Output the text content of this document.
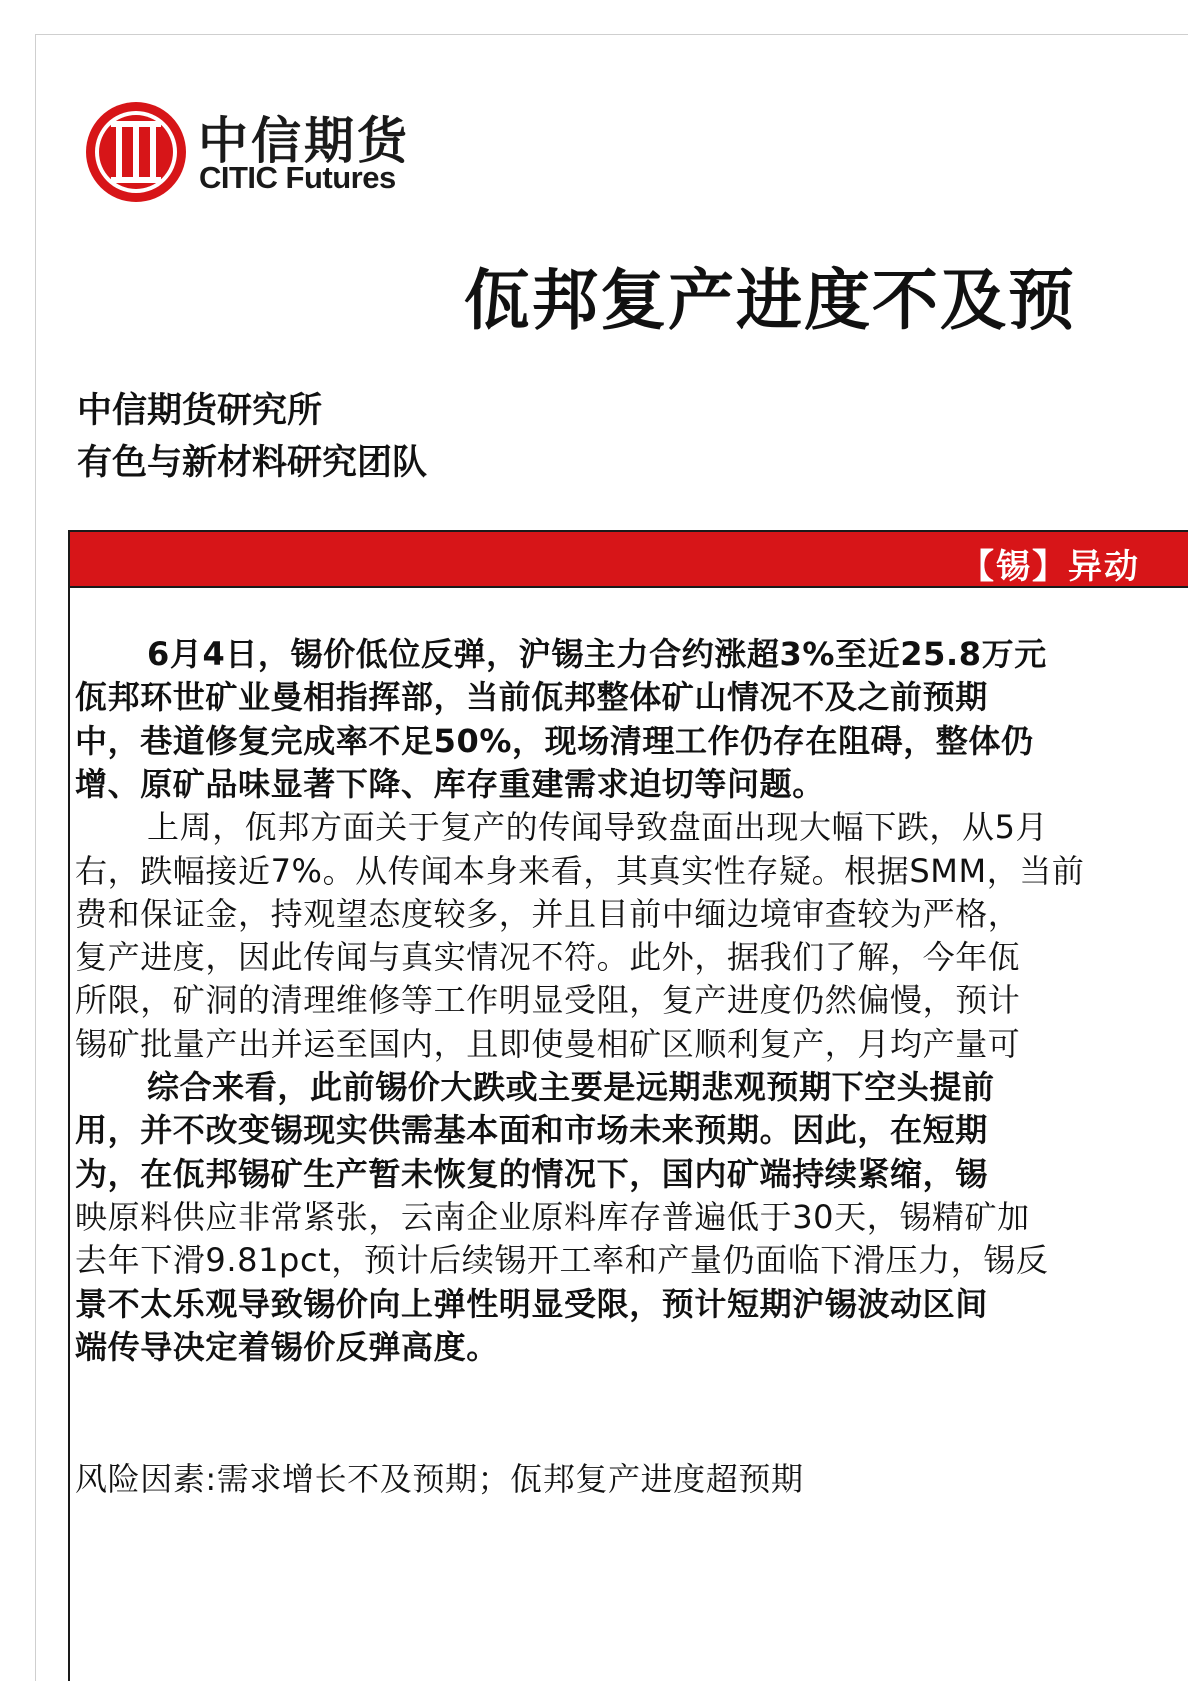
中信期货
CITIC Futures
佤邦复产进度不及预
中信期货研究所
有色与新材料研究团队
【锡】异动
6月4日，锡价低位反弹，沪锡主力合约涨超3%至近25.8万元
佤邦环世矿业曼相指挥部，当前佤邦整体矿山情况不及之前预期
中，巷道修复完成率不足50%，现场清理工作仍存在阻碍，整体仍
增、原矿品味显著下降、库存重建需求迫切等问题。
上周，佤邦方面关于复产的传闻导致盘面出现大幅下跌，从5月
右，跌幅接近7%。从传闻本身来看，其真实性存疑。根据SMM，当前
费和保证金，持观望态度较多，并且目前中缅边境审查较为严格，
复产进度，因此传闻与真实情况不符。此外，据我们了解，今年佤
所限，矿洞的清理维修等工作明显受阻，复产进度仍然偏慢，预计
锡矿批量产出并运至国内，且即使曼相矿区顺利复产，月均产量可
综合来看，此前锡价大跌或主要是远期悲观预期下空头提前
用，并不改变锡现实供需基本面和市场未来预期。因此，在短期
为，在佤邦锡矿生产暂未恢复的情况下，国内矿端持续紧缩，锡
映原料供应非常紧张，云南企业原料库存普遍低于30天，锡精矿加
去年下滑9.81pct，预计后续锡开工率和产量仍面临下滑压力，锡反
景不太乐观导致锡价向上弹性明显受限，预计短期沪锡波动区间
端传导决定着锡价反弹高度。
风险因素:需求增长不及预期；佤邦复产进度超预期
